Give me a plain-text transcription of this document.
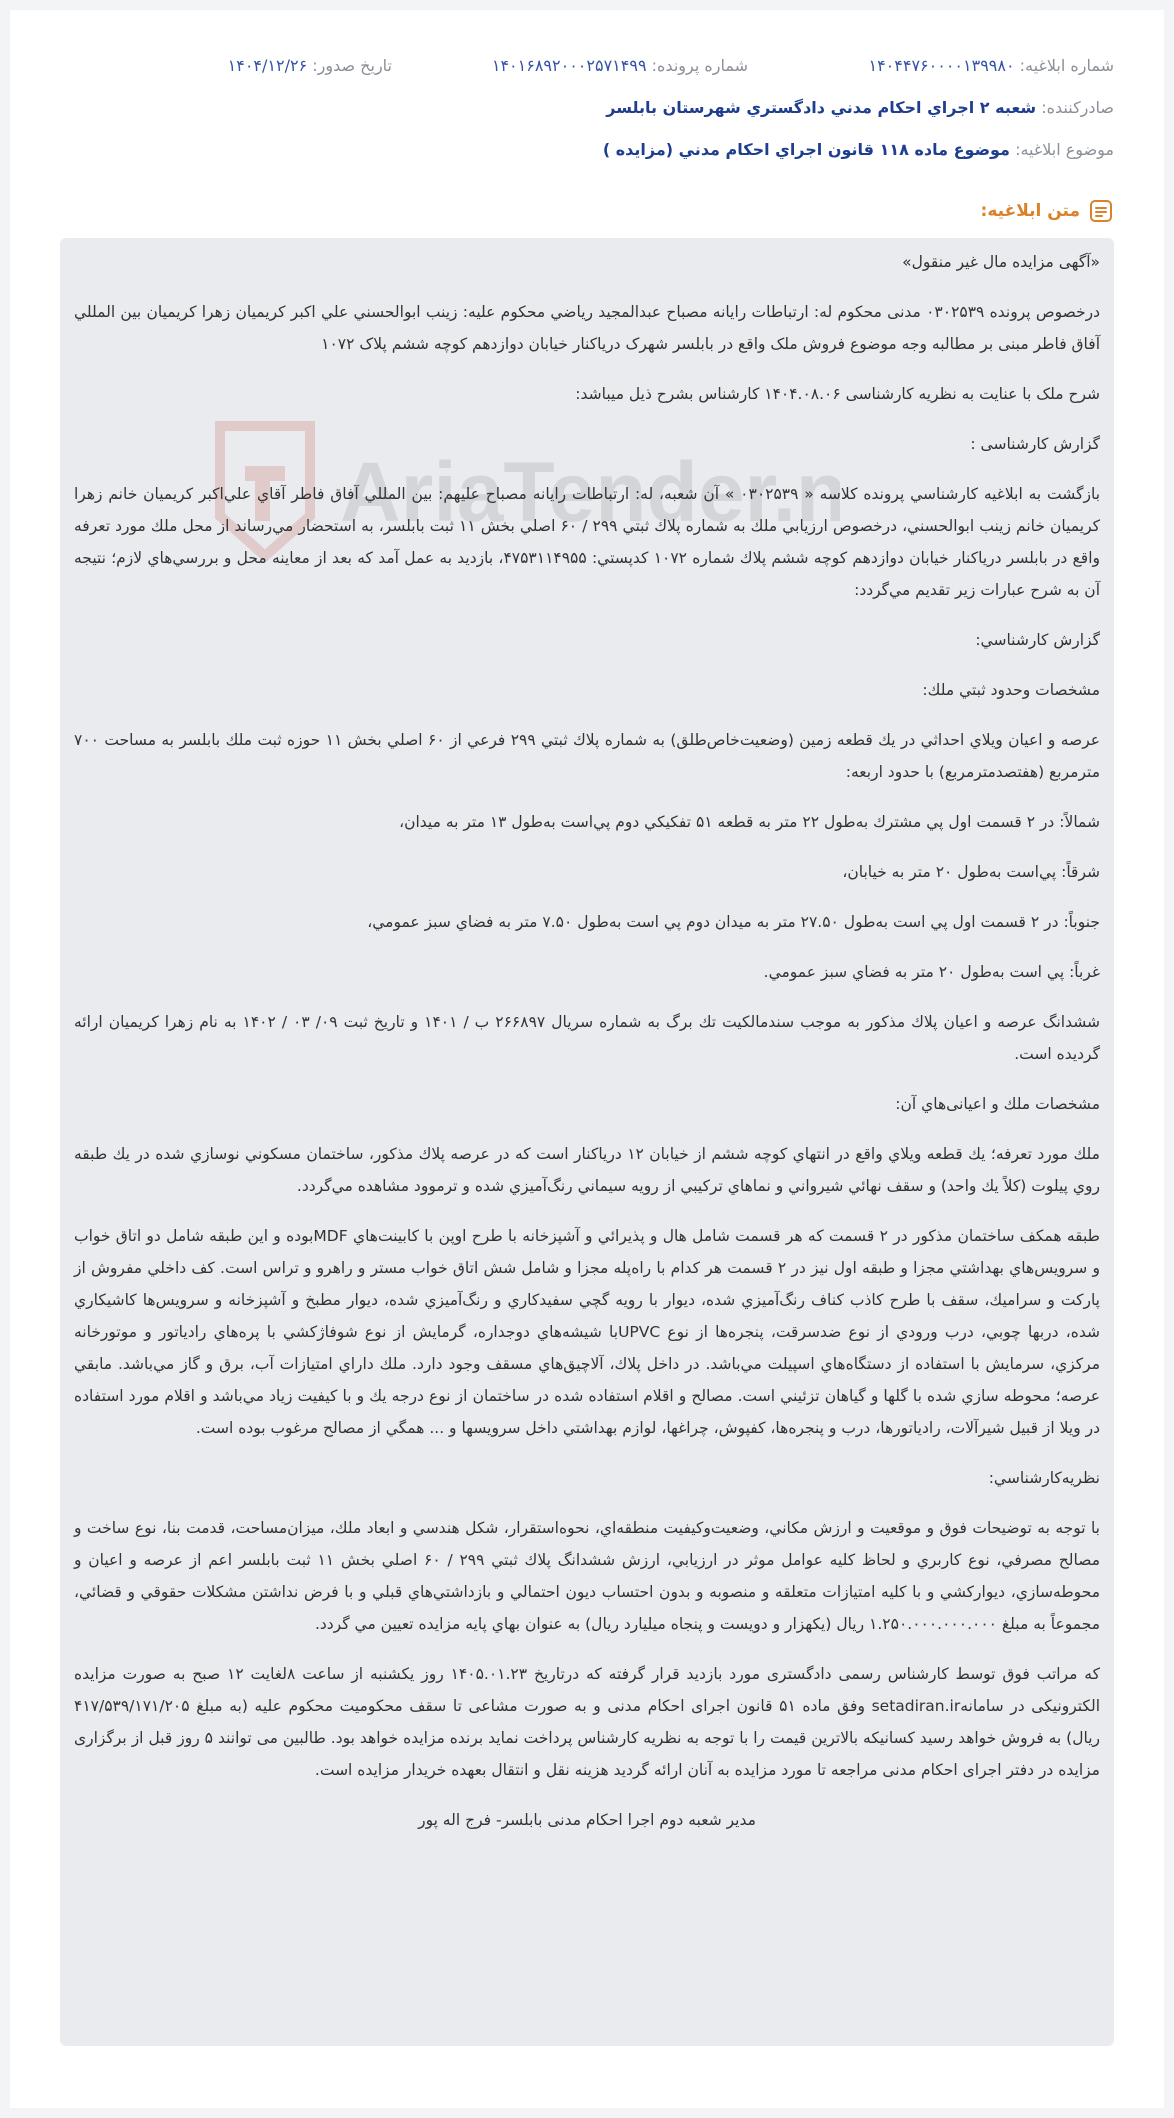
شماره ابلاغیه: ۱۴۰۴۴۷۶۰۰۰۰۱۳۹۹۸۰
شماره پرونده: ۱۴۰۱۶۸۹۲۰۰۰۲۵۷۱۴۹۹
تاریخ صدور: ۱۴۰۴/۱۲/۲۶
صادرکننده: شعبه ۲ اجراي احكام مدني دادگستري شهرستان بابلسر
موضوع ابلاغیه: موضوع ماده ۱۱۸ قانون اجراي احكام مدني (مزايده )
متن ابلاغیه:
AriaTender.n

«آگهی مزایده مال غیر منقول»

درخصوص پرونده ۰۳۰۲۵۳۹ مدنی محکوم له: ارتباطات رایانه مصباح عبدالمجید ریاضي محکوم علیه: زینب ابوالحسني علي اكبر كريميان زهرا كريميان بين المللي آفاق فاطر مبنی بر مطالبه وجه موضوع فروش ملک واقع در بابلسر شهرک دریاکنار خیابان دوازدهم کوچه ششم پلاک ۱۰۷۲

شرح ملک با عنایت به نظریه کارشناسی ۱۴۰۴.۰۸.۰۶ کارشناس بشرح ذیل میباشد:

گزارش کارشناسی :

بازگشت به ابلاغیه كارشناسي پرونده كلاسه « ۰۳۰۲۵۳۹ » آن شعبه، له: ارتباطات رایانه مصباح عليهم: بین المللي آفاق فاطر آقاي علي‌اكبر كريميان خانم زهرا كريميان خانم زينب ابوالحسني، درخصوص ارزيابي ملك به شماره پلاك ثبتي ۲۹۹ / ۶۰ اصلي بخش ۱۱ ثبت بابلسر، به استحضار مي‌رساند از محل ملك مورد تعرفه واقع در بابلسر درياكنار خيابان دوازدهم كوچه ششم پلاك شماره ۱۰۷۲ كدپستي: ۴۷۵۳۱۱۴۹۵۵، بازديد به عمل آمد كه بعد از معاينه محل و بررسي‌هاي لازم؛ نتيجه آن به شرح عبارات زير تقديم مي‌گردد:

گزارش كارشناسي:

مشخصات وحدود ثبتي ملك:

عرصه و اعيان ويلاي احداثي در يك قطعه زمين (وضعيت‌خاص‌طلق) به شماره پلاك ثبتي ۲۹۹ فرعي از ۶۰ اصلي بخش ۱۱ حوزه ثبت ملك بابلسر به مساحت ۷۰۰ مترمربع (هفتصدمترمربع) با حدود اربعه:

شمالاً: در ۲ قسمت اول پي مشترك به‌طول ۲۲ متر به قطعه ۵۱ تفكيكي دوم پي‌است به‌طول ۱۳ متر به ميدان،

شرقاً: پي‌است به‌طول ۲۰ متر به خيابان،

جنوباً: در ۲ قسمت اول پي است به‌طول ۲۷.۵۰ متر به ميدان دوم پي است به‌طول ۷.۵۰ متر به فضاي سبز عمومي،

غرباً: پي است به‌طول ۲۰ متر به فضاي سبز عمومي.

ششدانگ عرصه و اعيان پلاك مذكور به موجب سندمالكيت تك برگ به شماره سريال ۲۶۶۸۹۷ ب / ۱۴۰۱ و تاريخ ثبت ۰۹/ ۰۳ / ۱۴۰۲ به نام زهرا كريميان ارائه گرديده است.

مشخصات ملك و اعيانی‌هاي آن:

ملك مورد تعرفه؛ يك قطعه ويلاي واقع در انتهاي كوچه ششم از خيابان ۱۲ درياكنار است كه در عرصه پلاك مذكور، ساختمان مسكوني نوسازي شده در يك طبقه روي پيلوت (كلاً يك واحد) و سقف نهائي شيرواني و نماهاي تركيبي از رويه سيماني رنگ‌آميزي شده و ترموود مشاهده مي‌گردد.

طبقه همكف ساختمان مذكور در ۲ قسمت كه هر قسمت شامل هال و پذيرائي و آشپزخانه با طرح اوپن با كابينت‌هاي MDFبوده و اين طبقه شامل دو اتاق خواب و سرويس‌هاي بهداشتي مجزا و طبقه اول نيز در ۲ قسمت هر كدام با راه‌پله مجزا و شامل شش اتاق خواب مستر و راهرو و تراس است. كف داخلي مفروش از پاركت و سراميك، سقف با طرح كاذب كناف رنگ‌آميزي شده، ديوار با رويه گچي سفيدكاري و رنگ‌آميزي شده، ديوار مطبخ و آشپزخانه و سرويس‌ها كاشيكاري شده، دربها چوبي، درب ورودي از نوع ضدسرقت، پنجره‌ها از نوع UPVCبا شيشه‌هاي دوجداره، گرمايش از نوع شوفاژكشي با پره‌هاي رادياتور و موتورخانه مركزي، سرمايش با استفاده از دستگاه‌هاي اسپيلت مي‌باشد. در داخل پلاك، آلاچيق‌هاي مسقف وجود دارد. ملك داراي امتيازات آب، برق و گاز مي‌باشد. مابقي عرصه؛ محوطه سازي شده با گلها و گياهان تزئيني است. مصالح و اقلام استفاده شده در ساختمان از نوع درجه يك و با كيفيت زياد مي‌باشد و اقلام مورد استفاده در ويلا از قبيل شيرآلات، رادياتورها، درب و پنجره‌ها، كفپوش، چراغها، لوازم بهداشتي داخل سرويسها و ... همگي از مصالح مرغوب بوده است.

نظريه‌كارشناسي:

با توجه به توضيحات فوق و موقعيت و ارزش مكاني، وضعيت‌وكيفيت منطقه‌اي، نحوه‌استقرار، شكل هندسي و ابعاد ملك، ميزان‌مساحت، قدمت بنا، نوع ساخت و مصالح مصرفي، نوع كاربري و لحاظ كليه عوامل موثر در ارزيابي، ارزش ششدانگ پلاك ثبتي ۲۹۹ / ۶۰ اصلي بخش ۱۱ ثبت بابلسر اعم از عرصه و اعيان و محوطه‌سازي، ديواركشي و با كليه امتيازات متعلقه و منصوبه و بدون احتساب ديون احتمالي و بازداشتي‌هاي قبلي و با فرض نداشتن مشكلات حقوقي و قضائي، مجموعاً به مبلغ ۱.۲۵۰.۰۰۰.۰۰۰.۰۰۰ ريال (يكهزار و دويست و پنجاه ميليارد ريال) به عنوان بهاي پايه مزايده تعيين مي گردد.

كه مراتب فوق توسط كارشناس رسمی دادگستری مورد بازدید قرار گرفته كه درتاريخ ۱۴۰۵.۰۱.۲۳ روز یکشنبه از ساعت ۸لغایت ۱۲ صبح به صورت مزایده الکترونیکی در سامانهsetadiran.ir وفق ماده ۵۱ قانون اجرای احکام مدنی و به صورت مشاعی تا سقف محکومیت محکوم علیه (به مبلغ ۴۱۷/۵۳۹/۱۷۱/۲۰۵ ریال) به فروش خواهد رسید کسانیکه بالاترین قیمت را با توجه به نظریه كارشناس پرداخت نماید برنده مزایده خواهد بود. طالبین می توانند ۵ روز قبل از برگزاری مزایده در دفتر اجرای احکام مدنی مراجعه تا مورد مزایده به آنان ارائه گردید هزینه نقل و انتقال بعهده خریدار مزایده است.

مدیر شعبه دوم اجرا احکام مدنی بابلسر- فرج اله پور
